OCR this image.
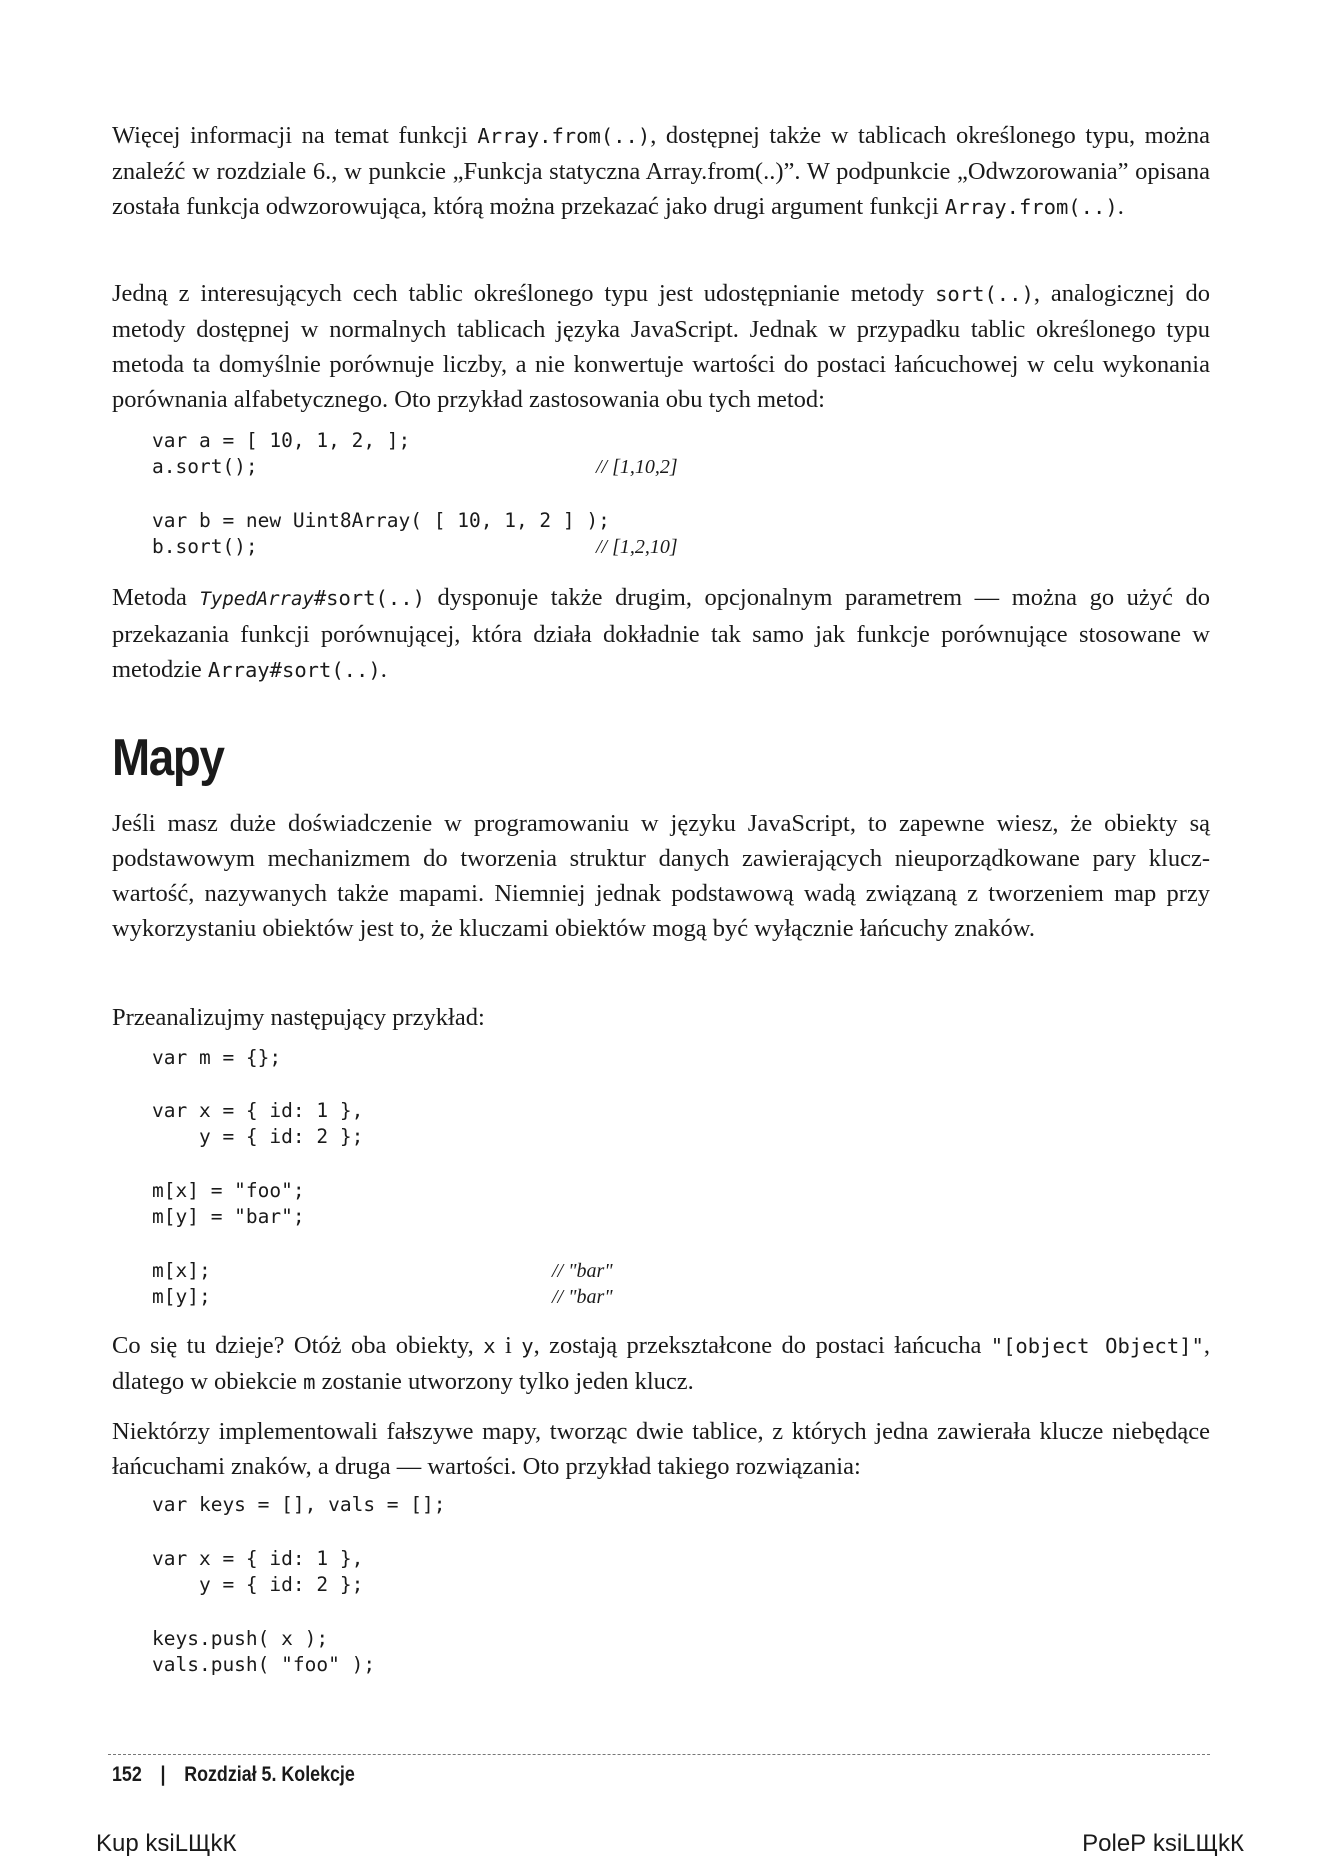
Więcej informacji na temat funkcji Array.from(..), dostępnej także w tablicach określonego typu, można znaleźć w rozdziale 6., w punkcie „Funkcja statyczna Array.from(..)”. W podpunkcie „Odwzorowania” opisana została funkcja odwzorowująca, którą można przekazać jako drugi argument funkcji Array.from(..).

Jedną z interesujących cech tablic określonego typu jest udostępnianie metody sort(..), analogicznej do metody dostępnej w normalnych tablicach języka JavaScript. Jednak w przypadku tablic określonego typu metoda ta domyślnie porównuje liczby, a nie konwertuje wartości do postaci łańcuchowej w celu wykonania porównania alfabetycznego. Oto przykład zastosowania obu tych metod:

var a = [ 10, 1, 2, ];
a.sort();	// [1,10,2]
var b = new Uint8Array( [ 10, 1, 2 ] );
b.sort();	// [1,2,10]

Metoda TypedArray#sort(..) dysponuje także drugim, opcjonalnym parametrem — można go użyć do przekazania funkcji porównującej, która działa dokładnie tak samo jak funkcje porównujące stosowane w metodzie Array#sort(..).

Mapy

Jeśli masz duże doświadczenie w programowaniu w języku JavaScript, to zapewne wiesz, że obiekty są podstawowym mechanizmem do tworzenia struktur danych zawierających nieuporządkowane pary klucz-wartość, nazywanych także mapami. Niemniej jednak podstawową wadą związaną z tworzeniem map przy wykorzystaniu obiektów jest to, że kluczami obiektów mogą być wyłącznie łańcuchy znaków.

Przeanalizujmy następujący przykład:

var m = {};
var x = { id: 1 },
y = { id: 2 };
m[x] = "foo";
m[y] = "bar";
m[x];	// "bar"
m[y];	// "bar"

Co się tu dzieje? Otóż oba obiekty, x i y, zostają przekształcone do postaci łańcucha "[object Object]", dlatego w obiekcie m zostanie utworzony tylko jeden klucz.

Niektórzy implementowali fałszywe mapy, tworząc dwie tablice, z których jedna zawierała klucze niebędące łańcuchami znaków, a druga — wartości. Oto przykład takiego rozwiązania:

var keys = [], vals = [];
var x = { id: 1 },
y = { id: 2 };
keys.push( x );
vals.push( "foo" );
152 | Rozdział 5. Kolekcje
Kup ksiLЩkК	PoleР ksiLЩkК
